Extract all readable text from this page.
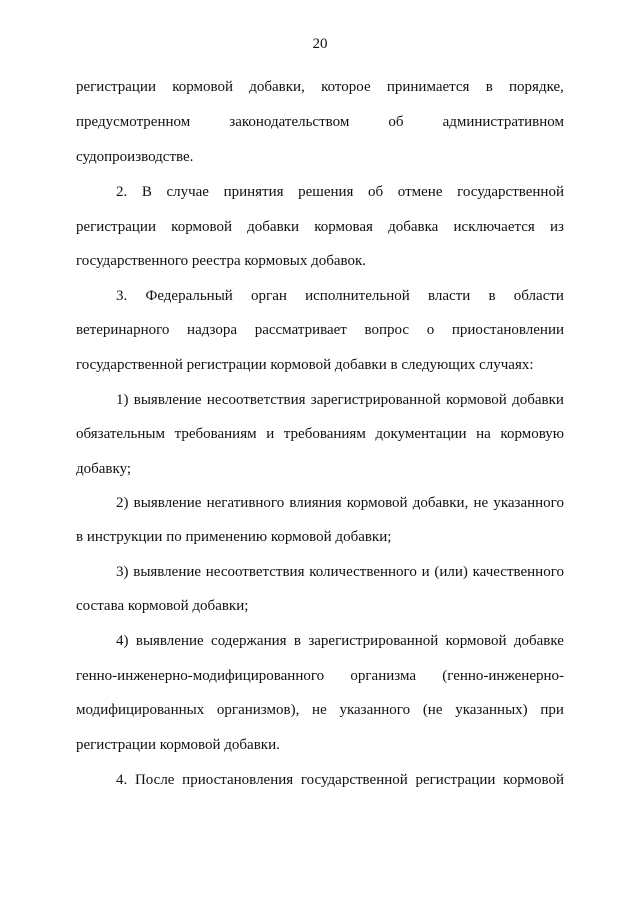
20
регистрации кормовой добавки, которое принимается в порядке,
предусмотренном	законодательством	об	административном
судопроизводстве.
2. В случае принятия решения об отмене государственной
регистрации кормовой добавки кормовая добавка исключается из
государственного реестра кормовых добавок.
3. Федеральный орган исполнительной власти в области
ветеринарного надзора рассматривает вопрос о приостановлении
государственной регистрации кормовой добавки в следующих случаях:
1) выявление несоответствия зарегистрированной кормовой добавки
обязательным требованиям и требованиям документации на кормовую
добавку;
2) выявление негативного влияния кормовой добавки, не указанного
в инструкции по применению кормовой добавки;
3) выявление несоответствия количественного и (или) качественного
состава кормовой добавки;
4) выявление содержания в зарегистрированной кормовой добавке
генно-инженерно-модифицированного организма (генно-инженерно-
модифицированных организмов), не указанного (не указанных) при
регистрации кормовой добавки.
4. После приостановления государственной регистрации кормовой
